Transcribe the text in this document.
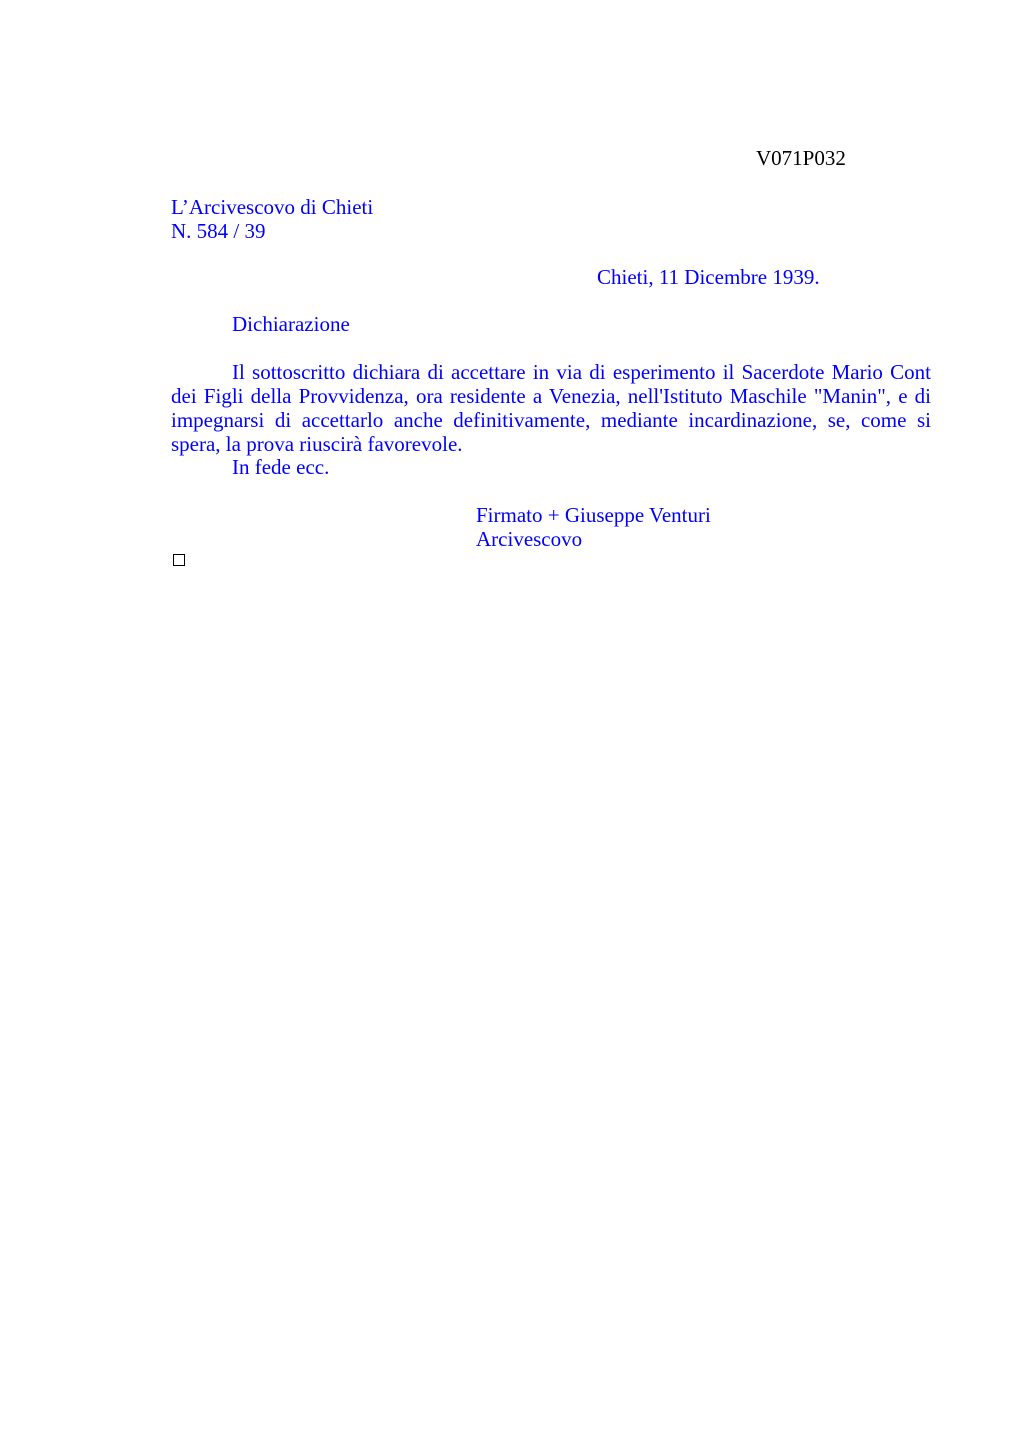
V071P032
L’Arcivescovo di Chieti
N. 584 / 39
Chieti, 11 Dicembre 1939.
Dichiarazione

Il sottoscritto dichiara di accettare in via di esperimento il Sacerdote Mario Cont dei Figli della Provvidenza, ora residente a Venezia, nell'Istituto Maschile "Manin", e di impegnarsi di accettarlo anche definitivamente, mediante incardinazione, se, come si spera, la prova riuscirà favorevole.

In fede ecc.
Firmato + Giuseppe Venturi
Arcivescovo
